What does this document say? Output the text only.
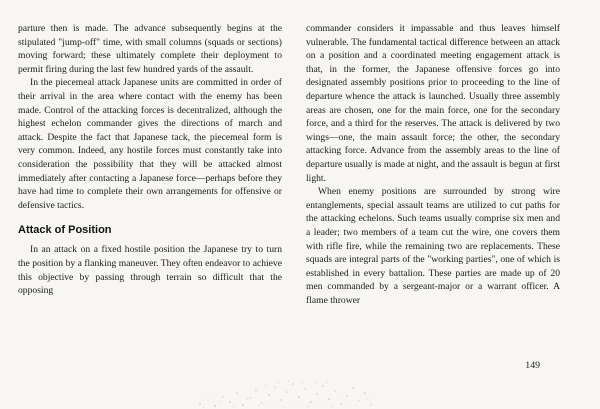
parture then is made. The advance subsequently begins at the stipulated "jump-off" time, with small columns (squads or sections) moving forward; these ultimately complete their deployment to permit firing during the last few hundred yards of the assault.

In the piecemeal attack Japanese units are committed in order of their arrival in the area where contact with the enemy has been made. Control of the attacking forces is decentralized, although the highest echelon commander gives the directions of march and attack. Despite the fact that Japanese tack, the piecemeal form is very common. Indeed, any hostile forces must constantly take into consideration the possibility that they will be attacked almost immediately after contacting a Japanese force—perhaps before they have had time to complete their own arrangements for offensive or defensive tactics.

Attack of Position

In an attack on a fixed hostile position the Japanese try to turn the position by a flanking maneuver. They often endeavor to achieve this objective by passing through terrain so difficult that the opposing

commander considers it impassable and thus leaves himself vulnerable. The fundamental tactical difference between an attack on a position and a coordinated meeting engagement attack is that, in the former, the Japanese offensive forces go into designated assembly positions prior to proceeding to the line of departure whence the attack is launched. Usually three assembly areas are chosen, one for the main force, one for the secondary force, and a third for the reserves. The attack is delivered by two wings—one, the main assault force; the other, the secondary attacking force. Advance from the assembly areas to the line of departure usually is made at night, and the assault is begun at first light.

When enemy positions are surrounded by strong wire entanglements, special assault teams are utilized to cut paths for the attacking echelons. Such teams usually comprise six men and a leader; two members of a team cut the wire, one covers them with rifle fire, while the remaining two are replacements. These squads are integral parts of the "working parties", one of which is established in every battalion. These parties are made up of 20 men commanded by a sergeant-major or a warrant officer. A flame thrower

149
